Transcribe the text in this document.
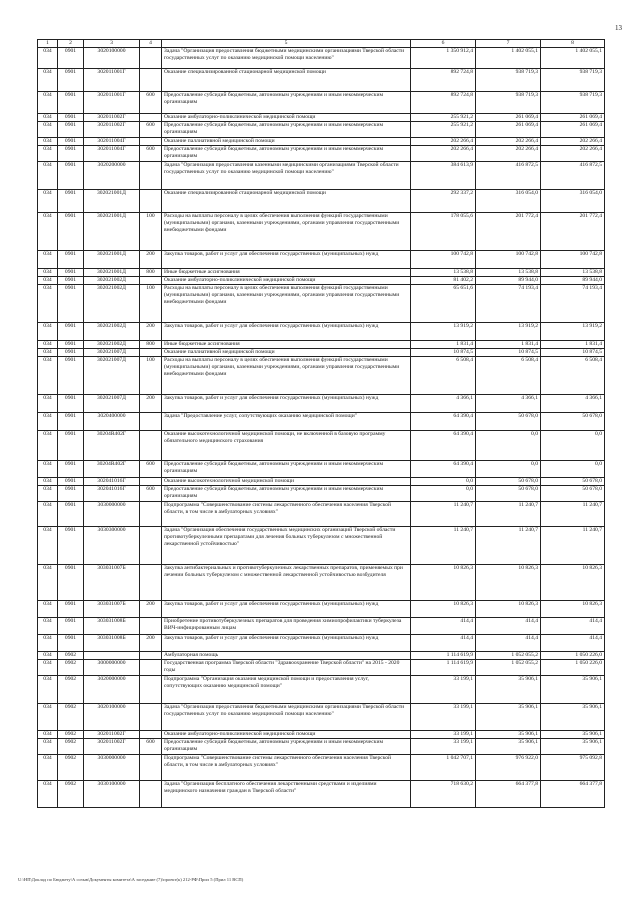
13
1	2	3	4	5	6	7	8
034	0901	3020100000		Задача "Организация предоставления бюджетными медицинскими организациями Тверской области государственных услуг по оказанию медицинской помощи населению"	1 350 912,4	1 402 055,1	1 402 055,1
034	0901	302011001Г		Оказание специализированной стационарной медицинской помощи	892 724,8	938 719,3	938 719,3
034	0901	302011001Г	600	Предоставление субсидий бюджетным, автономным учреждениям и иным некоммерческим организациям	892 724,8	938 719,3	938 719,3
034	0901	302011002Г		Оказание амбулаторно-поликлинической медицинской помощи	255 921,2	261 069,4	261 069,4
034	0901	302011002Г	600	Предоставление субсидий бюджетным, автономным учреждениям и иным некоммерческим организациям	255 921,2	261 069,4	261 069,4
034	0901	302011004Г		Оказание паллиативной медицинской помощи	202 266,4	202 266,4	202 266,4
034	0901	302011004Г	600	Предоставление субсидий бюджетным, автономным учреждениям и иным некоммерческим организациям	202 266,4	202 266,4	202 266,4
034	0901	3020200000		Задача "Организация предоставления казенными медицинскими организациями Тверской области государственных услуг по оказанию медицинской помощи населению"	384 613,9	416 872,5	416 872,5
034	0901	302021001Д		Оказание специализированной стационарной медицинской помощи	292 337,2	316 054,0	316 054,0
034	0901	302021001Д	100	Расходы на выплаты персоналу в целях обеспечения выполнения функций государственными (муниципальными) органами, казенными учреждениями, органами управления государственными внебюджетными фондами	178 055,6	201 772,4	201 772,4
034	0901	302021001Д	200	Закупка товаров, работ и услуг для обеспечения государственных (муниципальных) нужд	100 742,8	100 742,8	100 742,8
034	0901	302021001Д	800	Иные бюджетные ассигнования	13 538,8	13 538,8	13 538,8
034	0901	302021002Д		Оказание амбулаторно-поликлинической медицинской помощи	81 402,2	89 944,0	89 944,0
034	0901	302021002Д	100	Расходы на выплаты персоналу в целях обеспечения выполнения функций государственными (муниципальными) органами, казенными учреждениями, органами управления государственными внебюджетными фондами	65 651,6	74 193,4	74 193,4
034	0901	302021002Д	200	Закупка товаров, работ и услуг для обеспечения государственных (муниципальных) нужд	13 919,2	13 919,2	13 919,2
034	0901	302021002Д	800	Иные бюджетные ассигнования	1 831,4	1 831,4	1 831,4
034	0901	302021007Д		Оказание паллиативной медицинской помощи	10 874,5	10 874,5	10 874,5
034	0901	302021007Д	100	Расходы на выплаты персоналу в целях обеспечения выполнения функций государственными (муниципальными) органами, казенными учреждениями, органами управления государственными внебюджетными фондами	6 508,4	6 508,4	6 508,4
034	0901	302021007Д	200	Закупка товаров, работ и услуг для обеспечения государственных (муниципальных) нужд	4 366,1	4 366,1	4 366,1
034	0901	3020400000		Задача "Предоставление услуг, сопутствующих оказанию медицинской помощи"	64 390,4	50 678,0	50 678,0
034	0901	30204R402Г		Оказание высокотехнологичной медицинской помощи, не включенной в базовую программу обязательного медицинского страхования	64 390,4	0,0	0,0
034	0901	30204R402Г	600	Предоставление субсидий бюджетным, автономным учреждениям и иным некоммерческим организациям	64 390,4	0,0	0,0
034	0901	302041016Г		Оказание высокотехнологичной медицинской помощи	0,0	50 678,0	50 678,0
034	0901	302041016Г	600	Предоставление субсидий бюджетным, автономным учреждениям и иным некоммерческим организациям	0,0	50 678,0	50 678,0
034	0901	3030000000		Подпрограмма "Совершенствование системы лекарственного обеспечения населения Тверской области, в том числе в амбулаторных условиях"	11 240,7	11 240,7	11 240,7
034	0901	3030300000		Задача "Организация обеспечения государственных медицинских организаций Тверской области противотуберкулезными препаратами для лечения больных туберкулезом с множественной лекарственной устойчивостью"	11 240,7	11 240,7	11 240,7
034	0901	303031007Б		Закупка антибактериальных и противотуберкулезных лекарственных препаратов, применяемых при лечении больных туберкулезом с множественной лекарственной устойчивостью возбудителя	10 826,3	10 826,3	10 826,3
034	0901	303031007Б	200	Закупка товаров, работ и услуг для обеспечения государственных (муниципальных) нужд	10 826,3	10 826,3	10 826,3
034	0901	303031008Б		Приобретение противотуберкулезных препаратов для проведения химиопрофилактики туберкулеза ВИЧ-инфицированным лицам	414,4	414,4	414,4
034	0901	303031008Б	200	Закупка товаров, работ и услуг для обеспечения государственных (муниципальных) нужд	414,4	414,4	414,4
034	0902			Амбулаторная помощь	1 114 619,9	1 052 055,2	1 050 226,0
034	0902	3000000000		Государственная программа Тверской области "Здравоохранение Тверской области" на 2015 - 2020 годы	1 114 619,9	1 052 055,2	1 050 226,0
034	0902	3020000000		Подпрограмма "Организация оказания медицинской помощи и предоставления услуг, сопутствующих оказанию медицинской помощи"	33 199,1	35 906,1	35 906,1
034	0902	3020100000		Задача "Организация предоставления бюджетными медицинскими организациями Тверской области государственных услуг по оказанию медицинской помощи населению"	33 199,1	35 906,1	35 906,1
034	0902	302011002Г		Оказание амбулаторно-поликлинической медицинской помощи	33 199,1	35 906,1	35 906,1
034	0902	302011002Г	600	Предоставление субсидий бюджетным, автономным учреждениям и иным некоммерческим организациям	33 199,1	35 906,1	35 906,1
034	0902	3030000000		Подпрограмма "Совершенствование системы лекарственного обеспечения населения Тверской области, в том числе в амбулаторных условиях"	1 042 707,1	976 922,0	975 092,8
034	0902	3030100000		Задача "Организация бесплатного обеспечения лекарственными средствами и изделиями медицинского назначения граждан в Тверской области"	718 630,2	664 377,8	664 377,8
U:\НП\Доклад по Бюджету\А созыв\Документы комитета\А заседание (7)\проект(к) 212-РФ\Прил 5 (Прил 11 ВСП)
